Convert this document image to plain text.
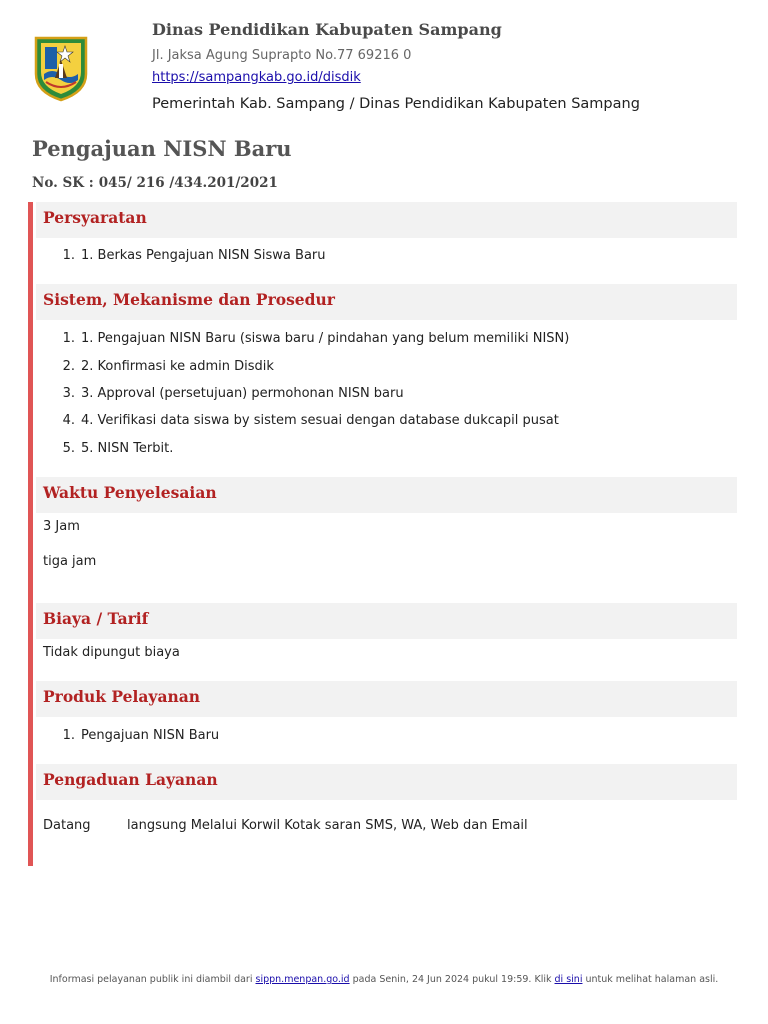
Dinas Pendidikan Kabupaten Sampang
Jl. Jaksa Agung Suprapto No.77 69216 0
https://sampangkab.go.id/disdik
Pemerintah Kab. Sampang / Dinas Pendidikan Kabupaten Sampang
Pengajuan NISN Baru
No. SK : 045/ 216 /434.201/2021
Persyaratan
1. 1. Berkas Pengajuan NISN Siswa Baru
Sistem, Mekanisme dan Prosedur
1. 1. Pengajuan NISN Baru (siswa baru / pindahan yang belum memiliki NISN)
2. 2. Konfirmasi ke admin Disdik
3. 3. Approval (persetujuan) permohonan NISN baru
4. 4. Verifikasi data siswa by sistem sesuai dengan database dukcapil pusat
5. 5. NISN Terbit.
Waktu Penyelesaian
3 Jam
tiga jam
Biaya / Tarif
Tidak dipungut biaya
Produk Pelayanan
1. Pengajuan NISN Baru
Pengaduan Layanan
Datang	langsung Melalui Korwil Kotak saran SMS, WA, Web dan Email
Informasi pelayanan publik ini diambil dari sippn.menpan.go.id pada Senin, 24 Jun 2024 pukul 19:59. Klik di sini untuk melihat halaman asli.
